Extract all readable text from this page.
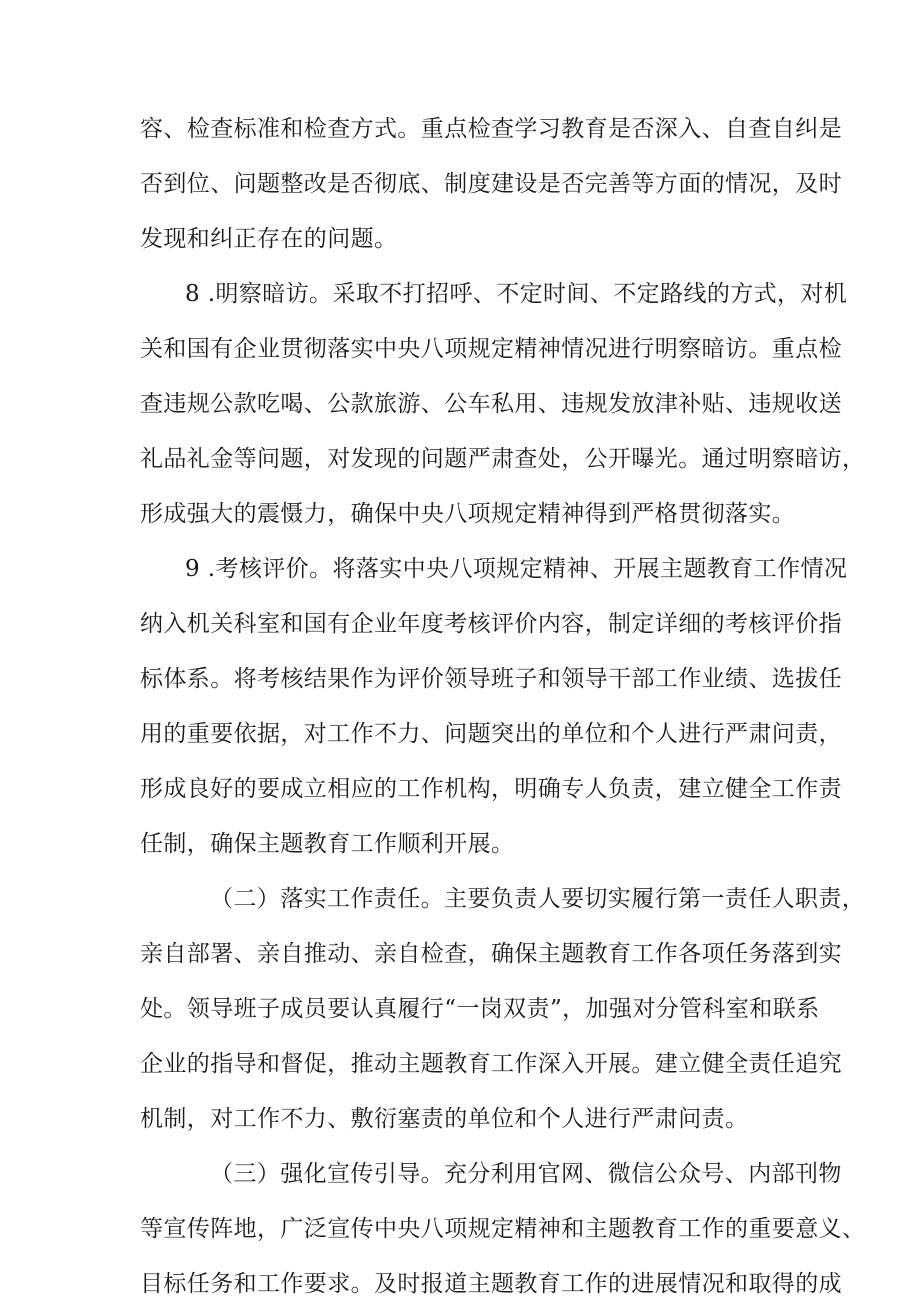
容、检查标准和检查方式。重点检查学习教育是否深入、自查自纠是
否到位、问题整改是否彻底、制度建设是否完善等方面的情况，及时
发现和纠正存在的问题。
8 .明察暗访。采取不打招呼、不定时间、不定路线的方式，对机
关和国有企业贯彻落实中央八项规定精神情况进行明察暗访。重点检
查违规公款吃喝、公款旅游、公车私用、违规发放津补贴、违规收送
礼品礼金等问题，对发现的问题严肃查处，公开曝光。通过明察暗访，
形成强大的震慑力，确保中央八项规定精神得到严格贯彻落实。
9 .考核评价。将落实中央八项规定精神、开展主题教育工作情况
纳入机关科室和国有企业年度考核评价内容，制定详细的考核评价指
标体系。将考核结果作为评价领导班子和领导干部工作业绩、选拔任
用的重要依据，对工作不力、问题突出的单位和个人进行严肃问责，
形成良好的要成立相应的工作机构，明确专人负责，建立健全工作责
任制，确保主题教育工作顺利开展。
（二）落实工作责任。主要负责人要切实履行第一责任人职责，
亲自部署、亲自推动、亲自检查，确保主题教育工作各项任务落到实
处。领导班子成员要认真履行“一岗双责”，加强对分管科室和联系
企业的指导和督促，推动主题教育工作深入开展。建立健全责任追究
机制，对工作不力、敷衍塞责的单位和个人进行严肃问责。
（三）强化宣传引导。充分利用官网、微信公众号、内部刊物
等宣传阵地，广泛宣传中央八项规定精神和主题教育工作的重要意义、
目标任务和工作要求。及时报道主题教育工作的进展情况和取得的成
